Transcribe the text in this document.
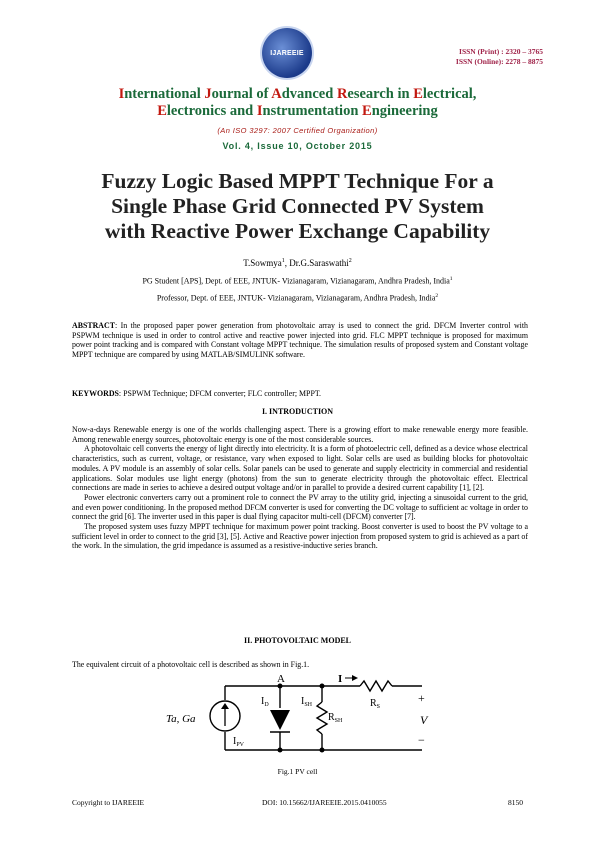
IJAREEIE	ISSN (Print) : 2320 – 3765
ISSN (Online): 2278 – 8875
International Journal of Advanced Research in Electrical,
Electronics and Instrumentation Engineering
(An ISO 3297: 2007 Certified Organization)
Vol. 4, Issue 10, October 2015
Fuzzy Logic Based MPPT Technique For a
Single Phase Grid Connected PV System
with Reactive Power Exchange Capability
T.Sowmya$^1$, Dr.G.Saraswathi$^2$
PG Student [APS], Dept. of EEE, JNTUK- Vizianagaram, Vizianagaram, Andhra Pradesh, India$^1$
Professor, Dept. of EEE, JNTUK- Vizianagaram, Vizianagaram, Andhra Pradesh, India$^2$

ABSTRACT: In the proposed paper power generation from photovoltaic array is used to connect the grid. DFCM Inverter control with PSPWM technique is used in order to control active and reactive power injected into grid. FLC MPPT technique is proposed for maximum power point tracking and is compared with Constant voltage MPPT technique. The simulation results of proposed system and Constant voltage MPPT technique are compared by using MATLAB/SIMULINK software.

KEYWORDS: PSPWM Technique; DFCM converter; FLC controller; MPPT.

I. INTRODUCTION

Now-a-days Renewable energy is one of the worlds challenging aspect. There is a growing effort to make renewable energy more feasible. Among renewable energy sources, photovoltaic energy is one of the most considerable sources.

A photovoltaic cell converts the energy of light directly into electricity. It is a form of photoelectric cell, defined as a device whose electrical characteristics, such as current, voltage, or resistance, vary when exposed to light. Solar cells are used as building blocks for photovoltaic modules. A PV module is an assembly of solar cells. Solar panels can be used to generate and supply electricity in commercial and residential applications. Solar modules use light energy (photons) from the sun to generate electricity through the photovoltaic effect. Electrical connections are made in series to achieve a desired output voltage and/or in parallel to provide a desired current capability [1], [2].

Power electronic converters carry out a prominent role to connect the PV array to the utility grid, injecting a sinusoidal current to the grid, and even power conditioning. In the proposed method DFCM converter is used for converting the DC voltage to sufficient ac voltage in order to connect the grid [6]. The inverter used in this paper is dual flying capacitor multi-cell (DFCM) converter [7].

The proposed system uses fuzzy MPPT technique for maximum power point tracking. Boost converter is used to boost the PV voltage to a sufficient level in order to connect to the grid [3], [5]. Active and Reactive power injection from proposed system to grid is achieved as a part of the work. In the simulation, the grid impedance is assumed as a resistive-inductive series branch.

II. PHOTOVOLTAIC MODEL
The equivalent circuit of a photovoltaic cell is described as shown in Fig.1.
A	I
Ta, Ga
$I_{PV}$
$I_D$	$I_{SH}$
$R_{SH}$
$R_S$
+
−
V
Fig.1 PV cell
Copyright to IJAREEIE	DOI: 10.15662/IJAREEIE.2015.0410055	8150
